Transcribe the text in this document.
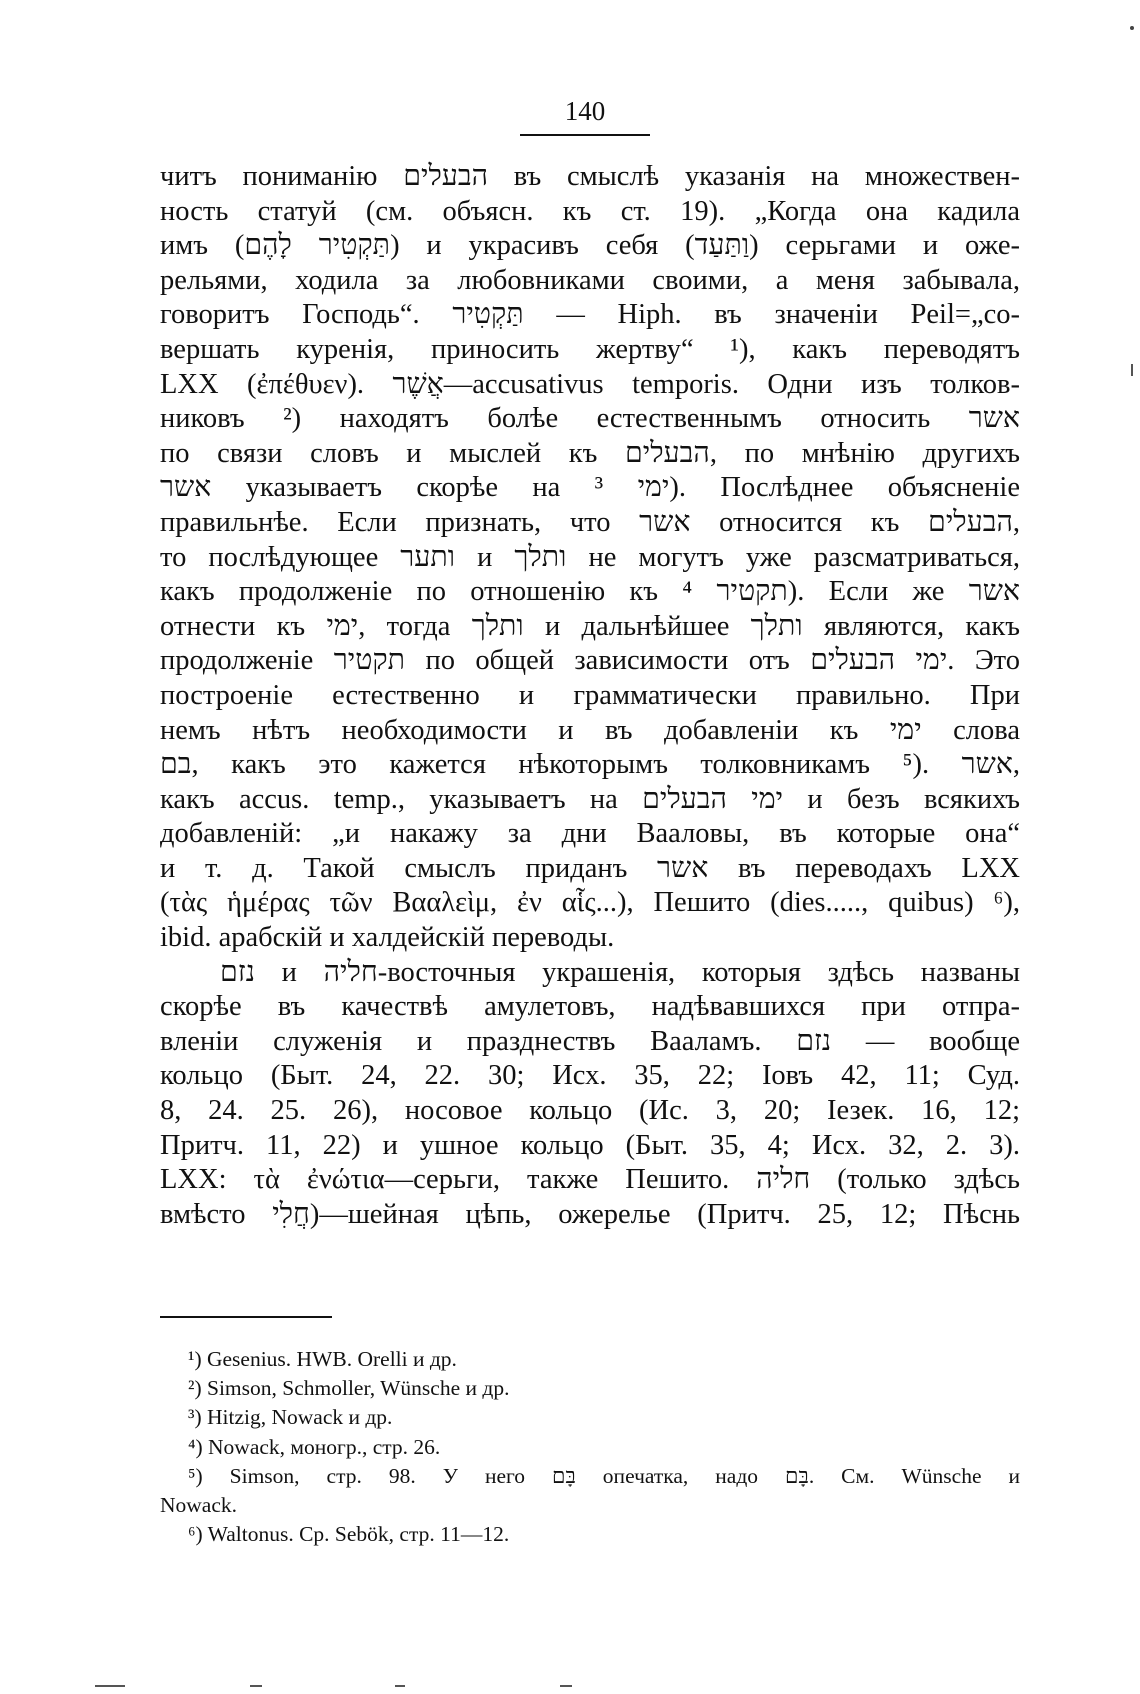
140
читъ пониманію הבעלים въ смыслѣ указанія на множествен-
ность статуй (см. объясн. къ ст. 19). „Когда она кадила
имъ (תַּקְטִיר לָהֶם) и украсивъ себя (וַתַּעַד) серьгами и оже-
рельями, ходила за любовниками своими, а меня забывала,
говоритъ Господь“. תַּקְטִיר — Hiph. въ значеніи Peil=„со-
вершать куренія, приносить жертву“ ¹), какъ переводятъ
LXX (ἐπέθυεν). אֲשֶׁר—accusativus temporis. Одни изъ толков-
никовъ ²) находятъ болѣе естественнымъ относить אשר
по связи словъ и мыслей къ הבעלים, по мнѣнію другихъ
אשר указываетъ скорѣе на ימי ³). Послѣднее объясненіе
правильнѣе. Если признать, что אשר относится къ הבעלים,
то послѣдующее ותער и ותלך не могутъ уже разсматриваться,
какъ продолженіе по отношенію къ תקטיר ⁴). Если же אשר
отнести къ ימי, тогда ותלך и дальнѣйшее ותלך являются, какъ
продолженіе תקטיר по общей зависимости отъ ימי הבעלים. Это
построеніе естественно и грамматически правильно. При
немъ нѣтъ необходимости и въ добавленіи къ ימי слова
בם, какъ это кажется нѣкоторымъ толковникамъ ⁵). אשר,
какъ accus. temp., указываетъ на ימי הבעלים и безъ всякихъ
добавленій: „и накажу за дни Вааловы, въ которые она“
и т. д. Такой смыслъ приданъ אשר въ переводахъ LXX
(τὰς ἡμέρας τῶν Βααλεὶμ, ἐν αἷς...), Пешито (dies....., quibus) ⁶),
ibid. арабскій и халдейскій переводы.
נזם и חליה-восточныя украшенія, которыя здѣсь названы
скорѣе въ качествѣ амулетовъ, надѣвавшихся при отпра-
вленіи служенія и празднествъ Вааламъ. נזם — вообще
кольцо (Быт. 24, 22. 30; Исх. 35, 22; Іовъ 42, 11; Суд.
8, 24. 25. 26), носовое кольцо (Ис. 3, 20; Іезек. 16, 12;
Притч. 11, 22) и ушное кольцо (Быт. 35, 4; Исх. 32, 2. 3).
LXX: τὰ ἐνώτια—серьги, также Пешито. חליה (только здѣсь
вмѣсто חֲלִי)—шейная цѣпь, ожерелье (Притч. 25, 12; Пѣснь
¹) Gesenius. HWB. Orelli и др.
²) Simson, Schmoller, Wünsche и др.
³) Hitzig, Nowack и др.
⁴) Nowack, моногр., стр. 26.
⁵) Simson, стр. 98. У него בָּם опечатка, надо בָּם. См. Wünsche и
Nowack.
⁶) Waltonus. Cp. Sebök, стр. 11—12.
